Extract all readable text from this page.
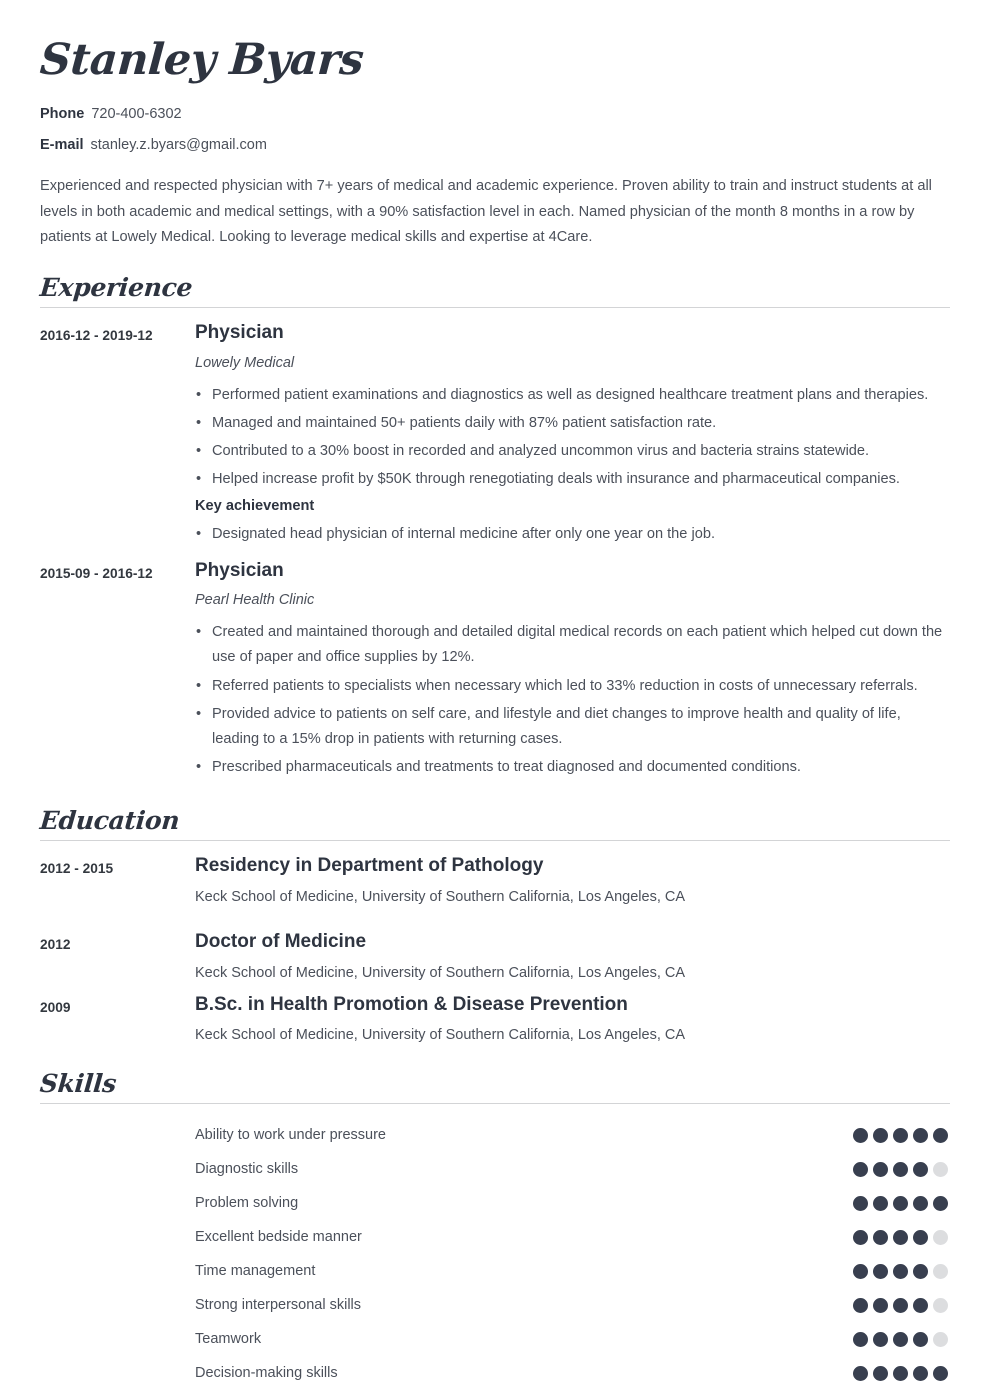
Stanley Byars
Phone 720-400-6302
E-mail stanley.z.byars@gmail.com

Experienced and respected physician with 7+ years of medical and academic experience. Proven ability to train and instruct students at all levels in both academic and medical settings, with a 90% satisfaction level in each. Named physician of the month 8 months in a row by patients at Lowely Medical. Looking to leverage medical skills and expertise at 4Care.

Experience
2016-12 - 2019-12	Physician
Lowely Medical
• Performed patient examinations and diagnostics as well as designed healthcare treatment plans and therapies.
• Managed and maintained 50+ patients daily with 87% patient satisfaction rate.
• Contributed to a 30% boost in recorded and analyzed uncommon virus and bacteria strains statewide.
• Helped increase profit by $50K through renegotiating deals with insurance and pharmaceutical companies.
Key achievement
• Designated head physician of internal medicine after only one year on the job.
2015-09 - 2016-12	Physician
Pearl Health Clinic
• Created and maintained thorough and detailed digital medical records on each patient which helped cut down the use of paper and office supplies by 12%.
• Referred patients to specialists when necessary which led to 33% reduction in costs of unnecessary referrals.
• Provided advice to patients on self care, and lifestyle and diet changes to improve health and quality of life, leading to a 15% drop in patients with returning cases.
• Prescribed pharmaceuticals and treatments to treat diagnosed and documented conditions.
Education
2012 - 2015	Residency in Department of Pathology
Keck School of Medicine, University of Southern California, Los Angeles, CA
2012	Doctor of Medicine
Keck School of Medicine, University of Southern California, Los Angeles, CA
2009	B.Sc. in Health Promotion & Disease Prevention
Keck School of Medicine, University of Southern California, Los Angeles, CA
Skills
Ability to work under pressure
Diagnostic skills
Problem solving
Excellent bedside manner
Time management
Strong interpersonal skills
Teamwork
Decision-making skills
